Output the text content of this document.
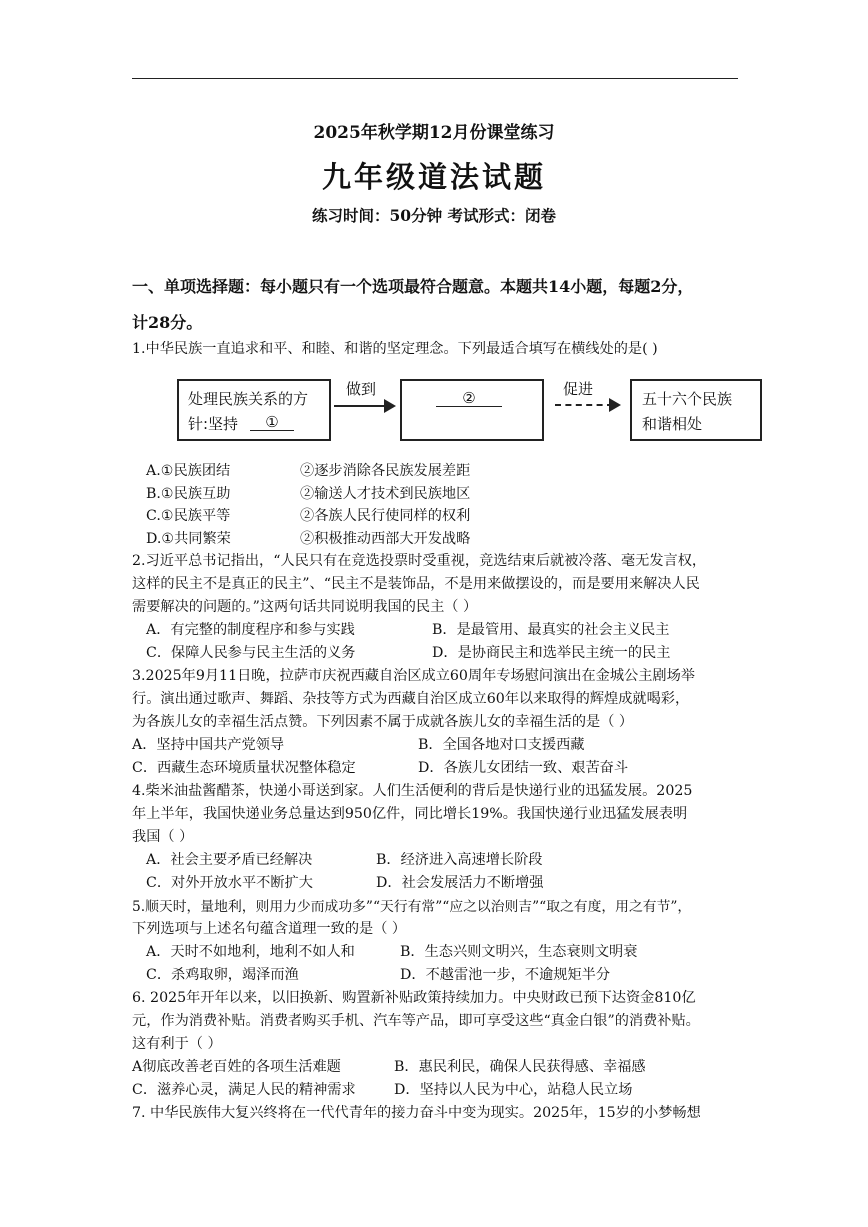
2025年秋学期12月份课堂练习
九年级道法试题
练习时间：50分钟 考试形式：闭卷
一、单项选择题：每小题只有一个选项最符合题意。本题共14小题，每题2分，
计28分。
1.中华民族一直追求和平、和睦、和谐的坚定理念。下列最适合填写在横线处的是( )
处理民族关系的方
针:坚持	①
做到	②	促进
五十六个民族
和谐相处
A.①民族团结	②逐步消除各民族发展差距
B.①民族互助	②输送人才技术到民族地区
C.①民族平等	②各族人民行使同样的权利
D.①共同繁荣	②积极推动西部大开发战略
2.习近平总书记指出，“人民只有在竞选投票时受重视，竞选结束后就被冷落、毫无发言权，
这样的民主不是真正的民主”、“民主不是装饰品，不是用来做摆设的，而是要用来解决人民
需要解决的问题的。”这两句话共同说明我国的民主（ ）
A．有完整的制度程序和参与实践	B．是最管用、最真实的社会主义民主
C．保障人民参与民主生活的义务	D．是协商民主和选举民主统一的民主
3.2025年9月11日晚，拉萨市庆祝西藏自治区成立60周年专场慰问演出在金城公主剧场举
行。演出通过歌声、舞蹈、杂技等方式为西藏自治区成立60年以来取得的辉煌成就喝彩，
为各族儿女的幸福生活点赞。下列因素不属于成就各族儿女的幸福生活的是（ ）
A．坚持中国共产党领导	B．全国各地对口支援西藏
C．西藏生态环境质量状况整体稳定	D．各族儿女团结一致、艰苦奋斗
4.柴米油盐酱醋茶，快递小哥送到家。人们生活便利的背后是快递行业的迅猛发展。2025
年上半年，我国快递业务总量达到950亿件，同比增长19%。我国快递行业迅猛发展表明
我国（ ）
A．社会主要矛盾已经解决	B．经济进入高速增长阶段
C．对外开放水平不断扩大	D．社会发展活力不断增强
5.顺天时，量地利，则用力少而成功多”“天行有常”“应之以治则吉”“取之有度，用之有节”，
下列选项与上述名句蕴含道理一致的是（ ）
A．天时不如地利，地利不如人和	B．生态兴则文明兴，生态衰则文明衰
C．杀鸡取卵，竭泽而渔	D．不越雷池一步，不逾规矩半分
6. 2025年开年以来，以旧换新、购置新补贴政策持续加力。中央财政已预下达资金810亿
元，作为消费补贴。消费者购买手机、汽车等产品，即可享受这些“真金白银”的消费补贴。
这有利于（ ）
A彻底改善老百姓的各项生活难题	B．惠民利民，确保人民获得感、幸福感
C．滋养心灵，满足人民的精神需求	D．坚持以人民为中心，站稳人民立场
7. 中华民族伟大复兴终将在一代代青年的接力奋斗中变为现实。2025年，15岁的小梦畅想
